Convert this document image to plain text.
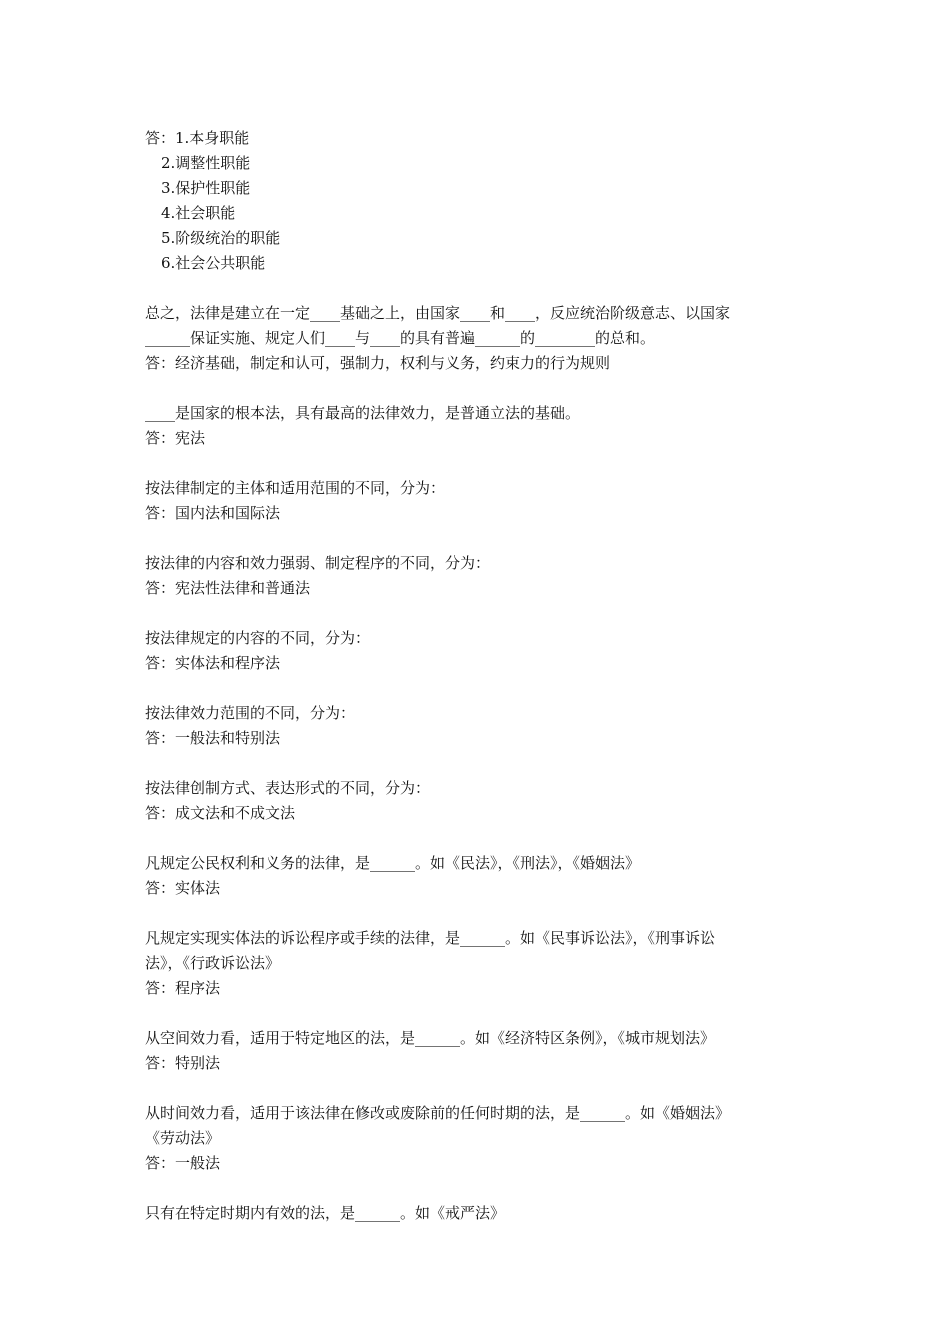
答：1.本身职能
2.调整性职能
3.保护性职能
4.社会职能
5.阶级统治的职能
6.社会公共职能
总之，法律是建立在一定____基础之上，由国家____和____，反应统治阶级意志、以国家
______保证实施、规定人们____与____的具有普遍______的________的总和。
答：经济基础，制定和认可，强制力，权利与义务，约束力的行为规则
____是国家的根本法，具有最高的法律效力，是普通立法的基础。
答：宪法
按法律制定的主体和适用范围的不同，分为：
答：国内法和国际法
按法律的内容和效力强弱、制定程序的不同，分为：
答：宪法性法律和普通法
按法律规定的内容的不同，分为：
答：实体法和程序法
按法律效力范围的不同，分为：
答：一般法和特别法
按法律创制方式、表达形式的不同，分为：
答：成文法和不成文法
凡规定公民权利和义务的法律，是______。如《民法》，《刑法》，《婚姻法》
答：实体法
凡规定实现实体法的诉讼程序或手续的法律，是______。如《民事诉讼法》，《刑事诉讼
法》，《行政诉讼法》
答：程序法
从空间效力看，适用于特定地区的法，是______。如《经济特区条例》，《城市规划法》
答：特别法
从时间效力看，适用于该法律在修改或废除前的任何时期的法，是______。如《婚姻法》
《劳动法》
答：一般法
只有在特定时期内有效的法，是______。如《戒严法》
